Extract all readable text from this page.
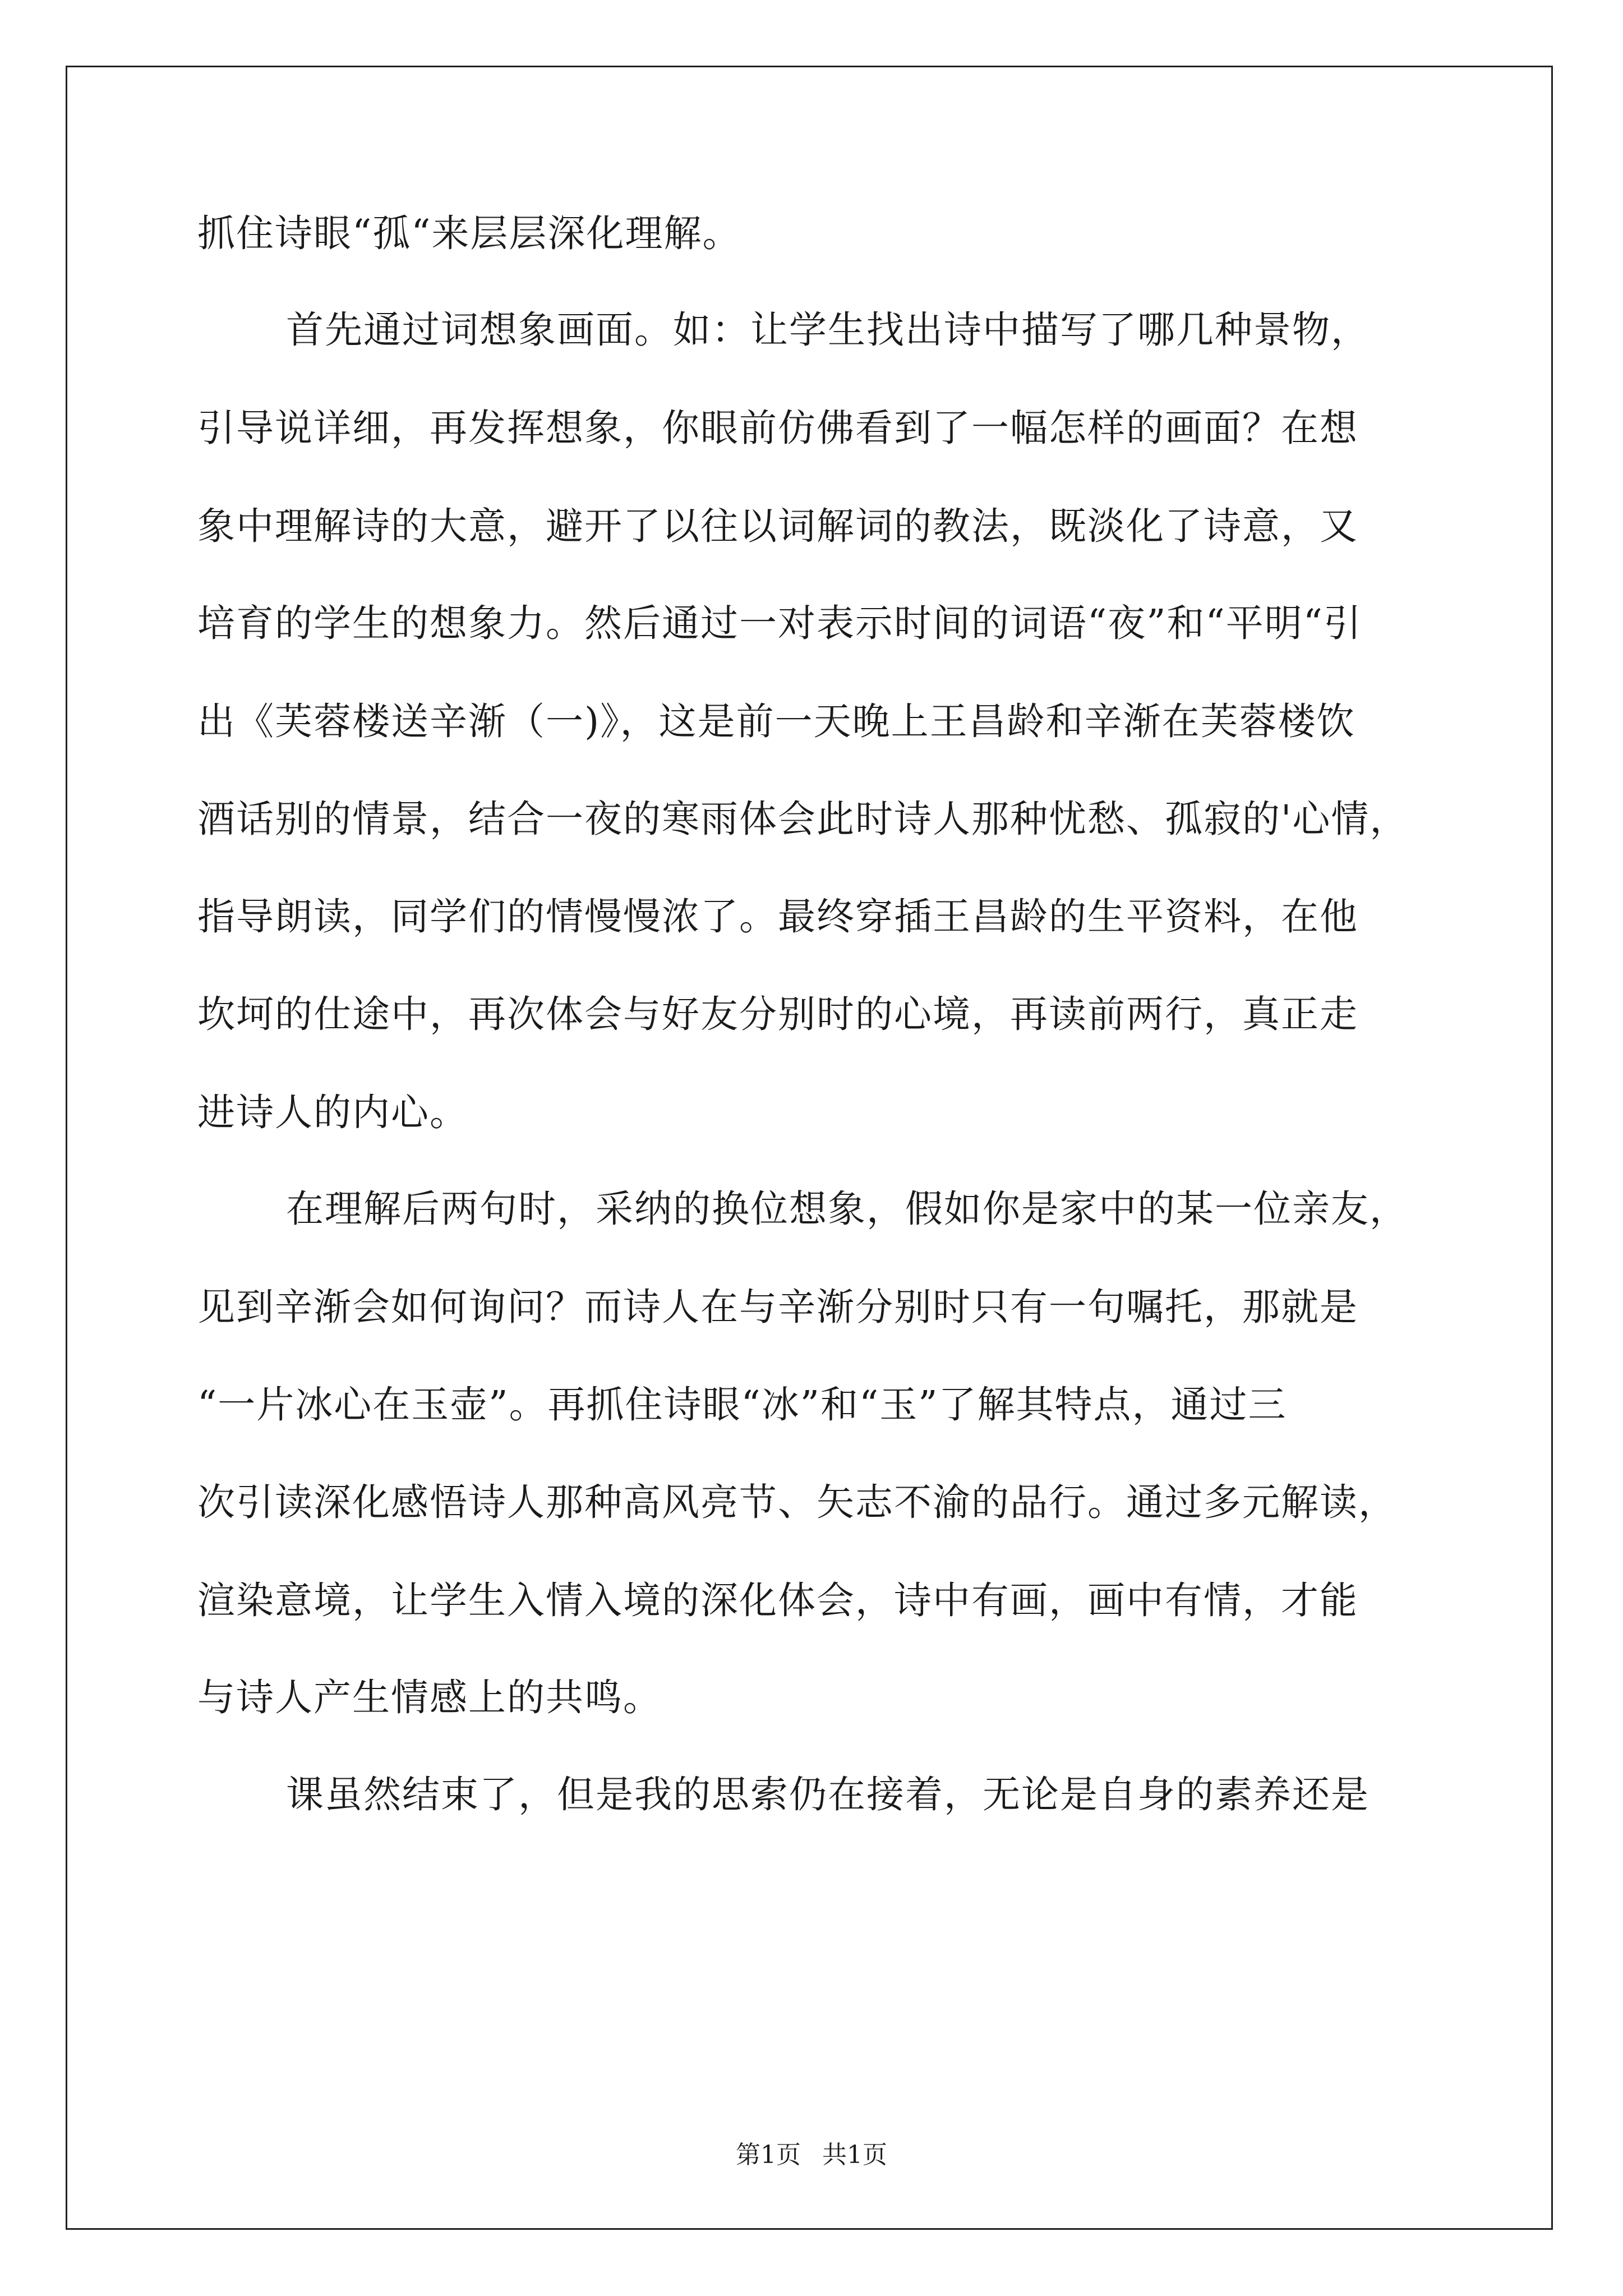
抓住诗眼“孤“来层层深化理解。
首先通过词想象画面。如：让学生找出诗中描写了哪几种景物，
引导说详细，再发挥想象，你眼前仿佛看到了一幅怎样的画面？在想
象中理解诗的大意，避开了以往以词解词的教法，既淡化了诗意，又
培育的学生的想象力。然后通过一对表示时间的词语“夜”和“平明“引
出《芙蓉楼送辛渐（一)》，这是前一天晚上王昌龄和辛渐在芙蓉楼饮
酒话别的情景，结合一夜的寒雨体会此时诗人那种忧愁、孤寂的'心情，
指导朗读，同学们的情慢慢浓了。最终穿插王昌龄的生平资料，在他
坎坷的仕途中，再次体会与好友分别时的心境，再读前两行，真正走
进诗人的内心。
在理解后两句时，采纳的换位想象，假如你是家中的某一位亲友，
见到辛渐会如何询问？而诗人在与辛渐分别时只有一句嘱托，那就是
“一片冰心在玉壶”。再抓住诗眼“冰”和“玉”了解其特点，通过三
次引读深化感悟诗人那种高风亮节、矢志不渝的品行。通过多元解读，
渲染意境，让学生入情入境的深化体会，诗中有画，画中有情，才能
与诗人产生情感上的共鸣。
课虽然结束了，但是我的思索仍在接着，无论是自身的素养还是
第1页 共1页
